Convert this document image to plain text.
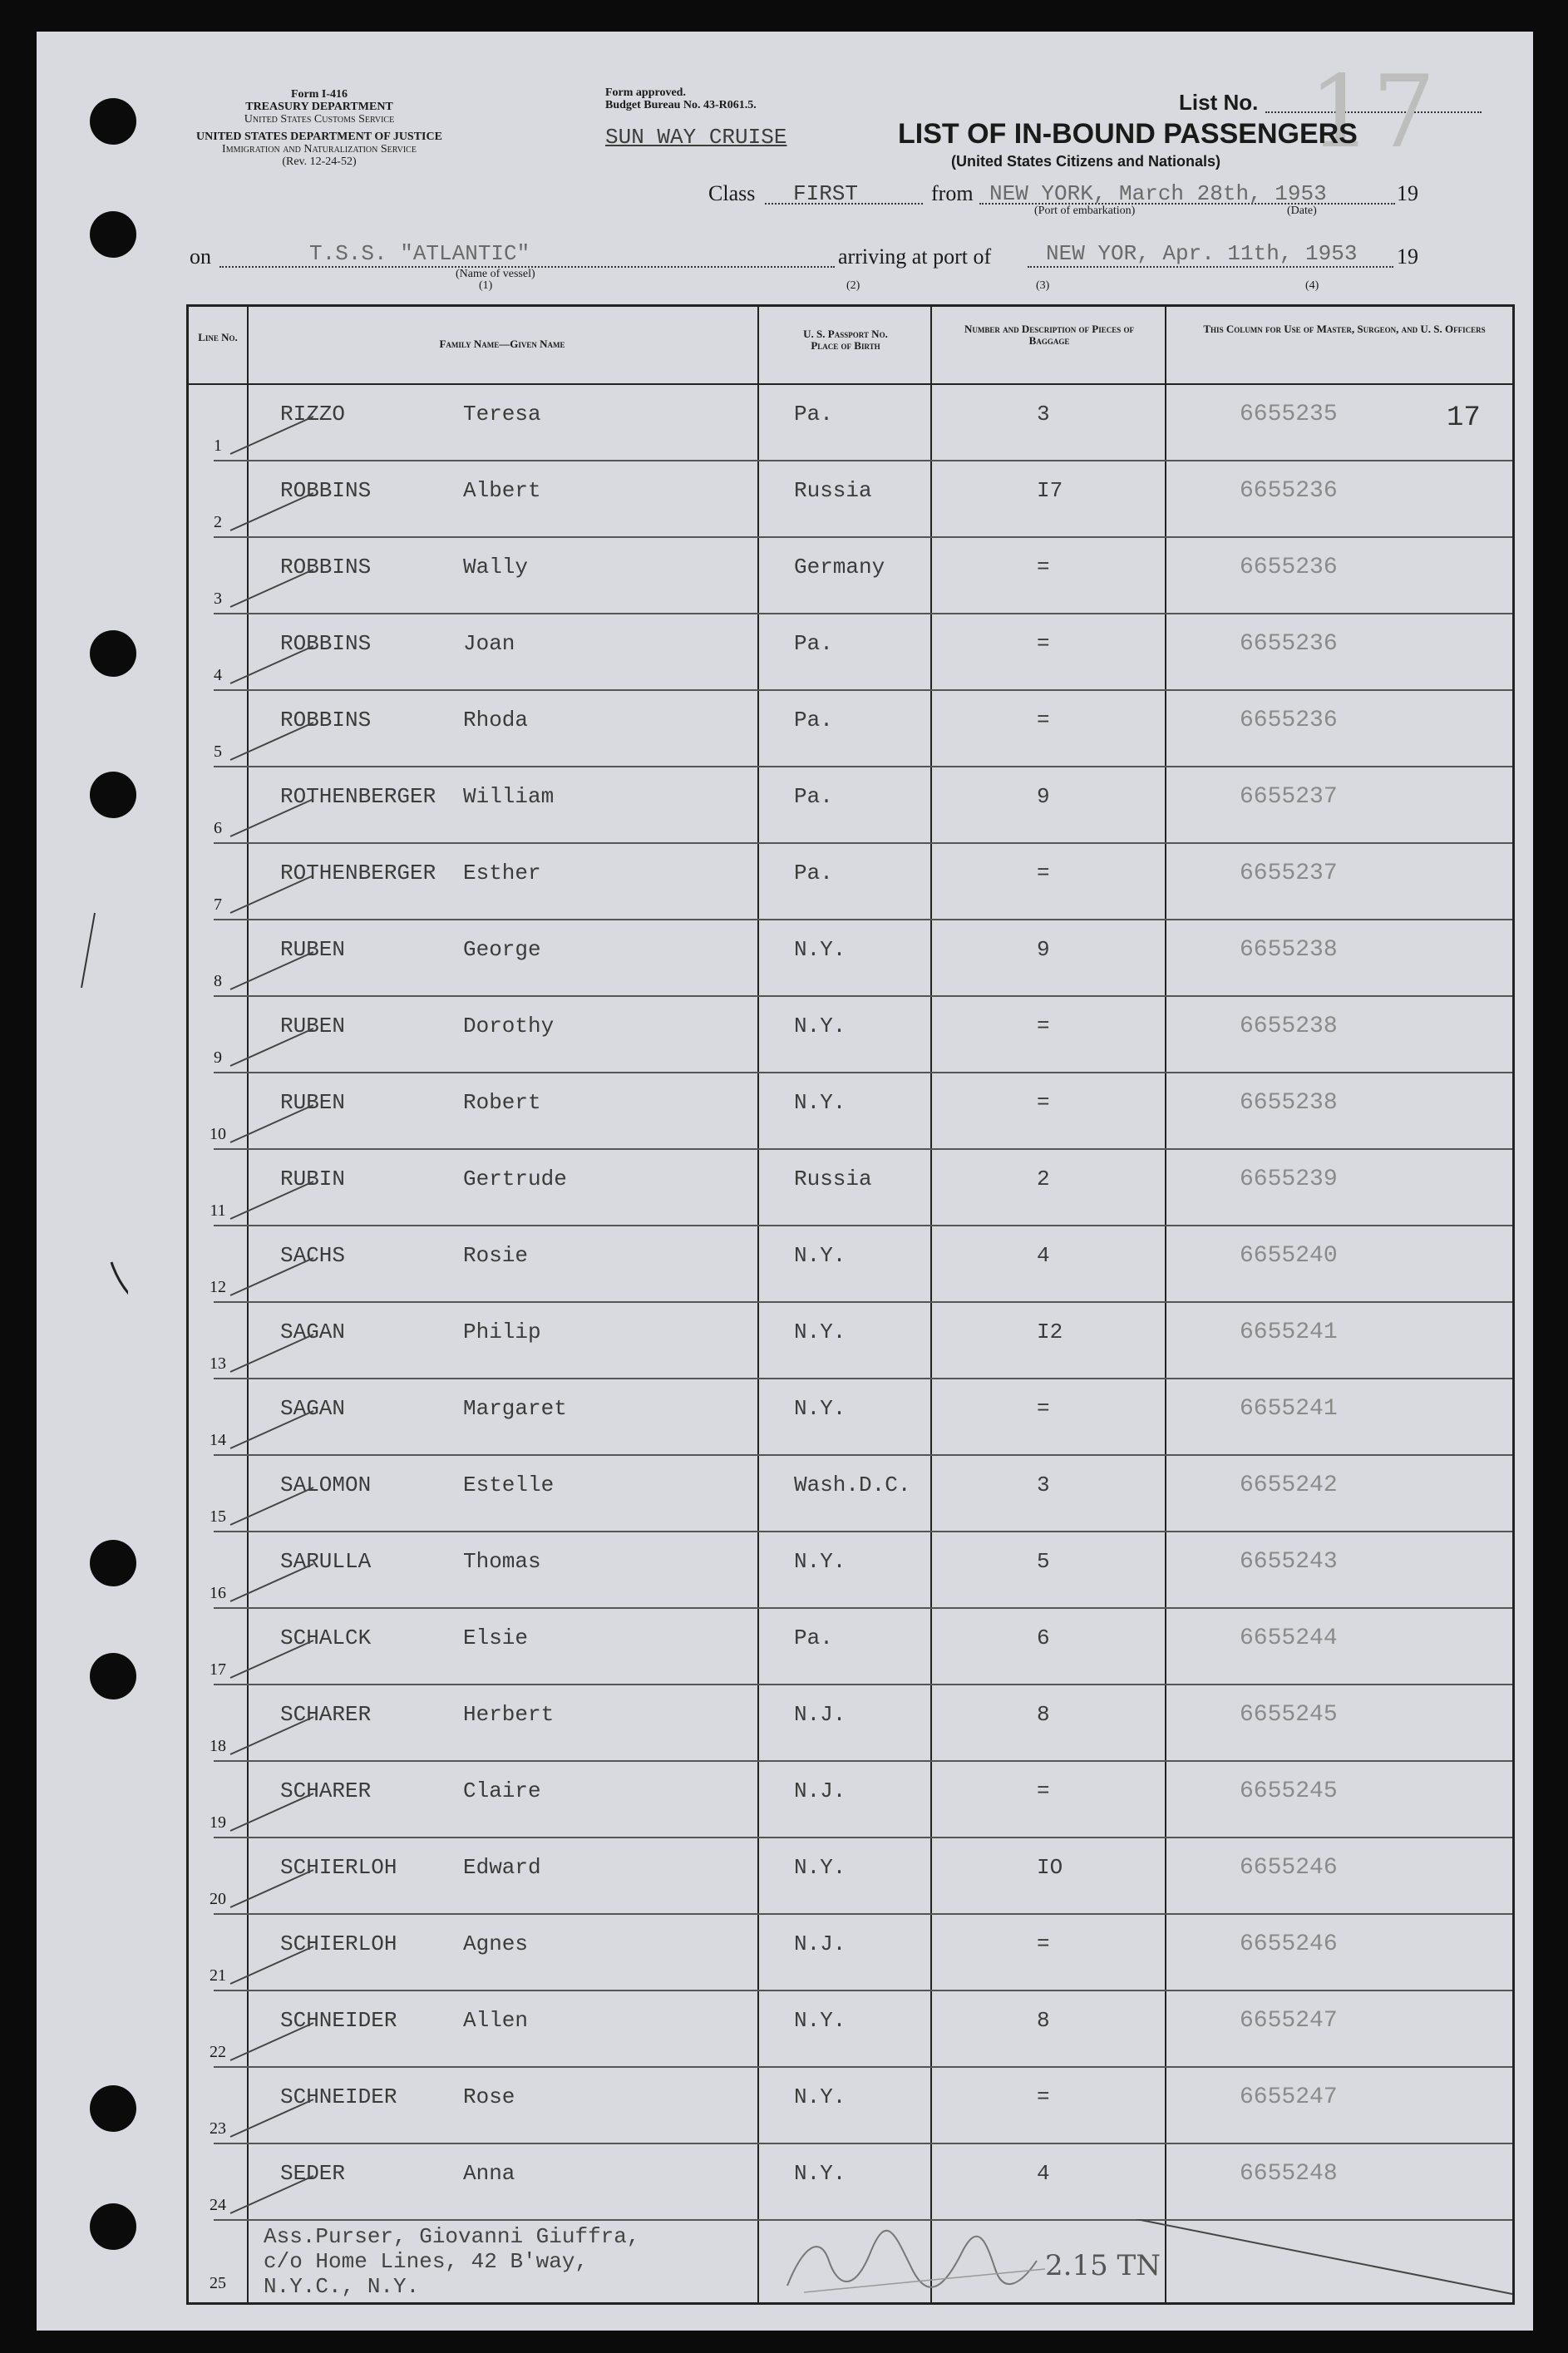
Form I-416
TREASURY DEPARTMENT
United States Customs Service
UNITED STATES DEPARTMENT OF JUSTICE
Immigration and Naturalization Service
(Rev. 12-24-52)
Form approved.
Budget Bureau No. 43-R061.5.
SUN WAY CRUISE
List No. 17
LIST OF IN-BOUND PASSENGERS
(United States Citizens and Nationals)
Class FIRST	from NEW YORK, March 28th, 1953	19
(Port of embarkation)	(Date)
on	T.S.S. "ATLANTIC"
(Name of vessel)
(1)
arriving at port of	NEW YOR, Apr. 11th, 1953 19
(2)	(3)	(4)
Line No.
Family Name—Given Name
U. S. Passport No. Place of Birth
Number and Description of Pieces of Baggage
This Column for Use of Master, Surgeon, and U. S. Officers
1
RIZZO	Teresa	Pa.	3	6655235
2
ROBBINS	Albert	Russia	I7	6655236
3
ROBBINS	Wally	Germany	=	6655236
4
ROBBINS	Joan	Pa.	=	6655236
5
ROBBINS	Rhoda	Pa.	=	6655236
6
ROTHENBERGER William	Pa.	9	6655237
7
ROTHENBERGER Esther	Pa.	=	6655237
8
RUBEN	George	N.Y.	9	6655238
9
RUBEN	Dorothy	N.Y.	=	6655238
10
RUBEN	Robert	N.Y.	=	6655238
11
RUBIN	Gertrude	Russia	2	6655239
12
SACHS	Rosie	N.Y.	4	6655240
13
SAGAN	Philip	N.Y.	I2	6655241
14
SAGAN	Margaret	N.Y.	=	6655241
15
SALOMON	Estelle	Wash.D.C.	3	6655242
16
SARULLA	Thomas	N.Y.	5	6655243
17
SCHALCK	Elsie	Pa.	6	6655244
18
SCHARER	Herbert	N.J.	8	6655245
19
SCHARER	Claire	N.J.	=	6655245
20
SCHIERLOH	Edward	N.Y.	IO	6655246
21
SCHIERLOH	Agnes	N.J.	=	6655246
22
SCHNEIDER	Allen	N.Y.	8	6655247
23
SCHNEIDER	Rose	N.Y.	=	6655247
24
SEDER	Anna	N.Y.	4	6655248
25
Ass.Purser, Giovanni Giuffra,
c/o Home Lines, 42 B'way,
N.Y.C., N.Y.
2.15 TN
17
